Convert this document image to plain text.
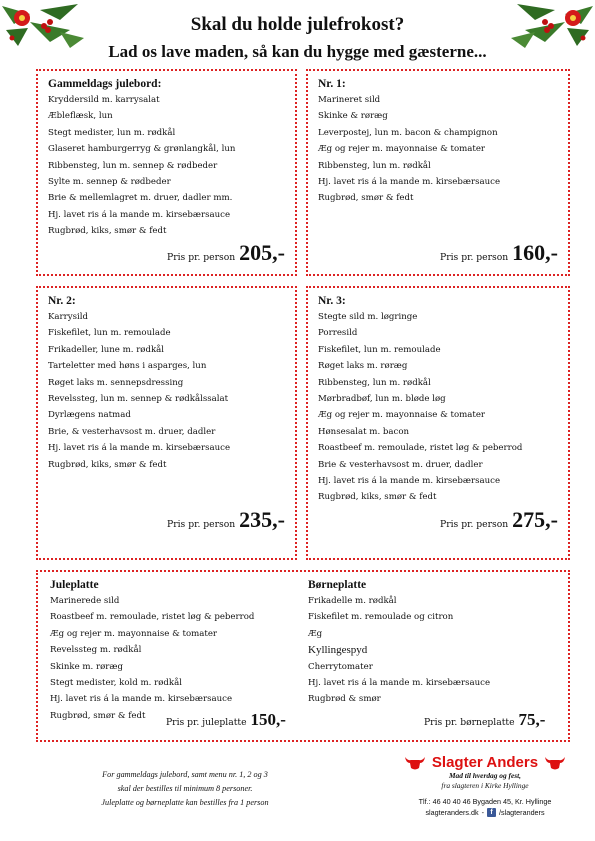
Skal du holde julefrokost?
Lad os lave maden, så kan du hygge med gæsterne...
Gammeldags julebord:
Kryddersild m. karrysalat
Æbleflæsk, lun
Stegt medister, lun m. rødkål
Glaseret hamburgerryg & grønlangkål, lun
Ribbensteg, lun m. sennep & rødbeder
Sylte m. sennep & rødbeder
Brie & mellemlagret m. druer, dadler mm.
Hj. lavet ris á la mande m. kirsebærsauce
Rugbrød, kiks, smør & fedt
Pris pr. person 205,-
Nr. 1:
Marineret sild
Skinke & røræg
Leverpostej, lun m. bacon & champignon
Æg og rejer m. mayonnaise & tomater
Ribbensteg, lun m. rødkål
Hj. lavet ris á la mande m. kirsebærsauce
Rugbrød, smør & fedt
Pris pr. person 160,-
Nr. 2:
Karrysild
Fiskefilet, lun m. remoulade
Frikadeller, lune m. rødkål
Tarteletter med høns i asparges, lun
Røget laks m. sennepsdressing
Revelssteg, lun m. sennep & rødkålssalat
Dyrlægens natmad
Brie, & vesterhavsost m. druer, dadler
Hj. lavet ris á la mande m. kirsebærsauce
Rugbrød, kiks, smør & fedt
Pris pr. person 235,-
Nr. 3:
Stegte sild m. løgringe
Porresild
Fiskefilet, lun m. remoulade
Røget laks m. røræg
Ribbensteg, lun m. rødkål
Mørbradbøf, lun m. bløde løg
Æg og rejer m. mayonnaise & tomater
Hønsesalat m. bacon
Roastbeef m. remoulade, ristet løg & peberrod
Brie & vesterhavsost m. druer, dadler
Hj. lavet ris á la mande m. kirsebærsauce
Rugbrød, kiks, smør & fedt
Pris pr. person 275,-
Juleplatte
Marinerede sild
Roastbeef m. remoulade, ristet løg & peberrod
Æg og rejer m. mayonnaise & tomater
Revelssteg m. rødkål
Skinke m. røræg
Stegt medister, kold m. rødkål
Hj. lavet ris á la mande m. kirsebærsauce
Rugbrød, smør & fedt
Børneplatte
Frikadelle m. rødkål
Fiskefilet m. remoulade og citron
Æg
Kyllingespyd
Cherrytomater
Hj. lavet ris á la mande m. kirsebærsauce
Rugbrød & smør
Pris pr. juleplatte 150,-	Pris pr. børneplatte 75,-
For gammeldags julebord, samt menu nr. 1, 2 og 3
skal der bestilles til minimum 8 personer.
Juleplatte og børneplatte kan bestilles fra 1 person
Slagter Anders
Mad til hverdag og fest,
fra slagteren i Kirke Hyllinge
Tlf.: 46 40 40 46 Bygaden 45, Kr. Hyllinge
slagteranders.dk - f /slagteranders
